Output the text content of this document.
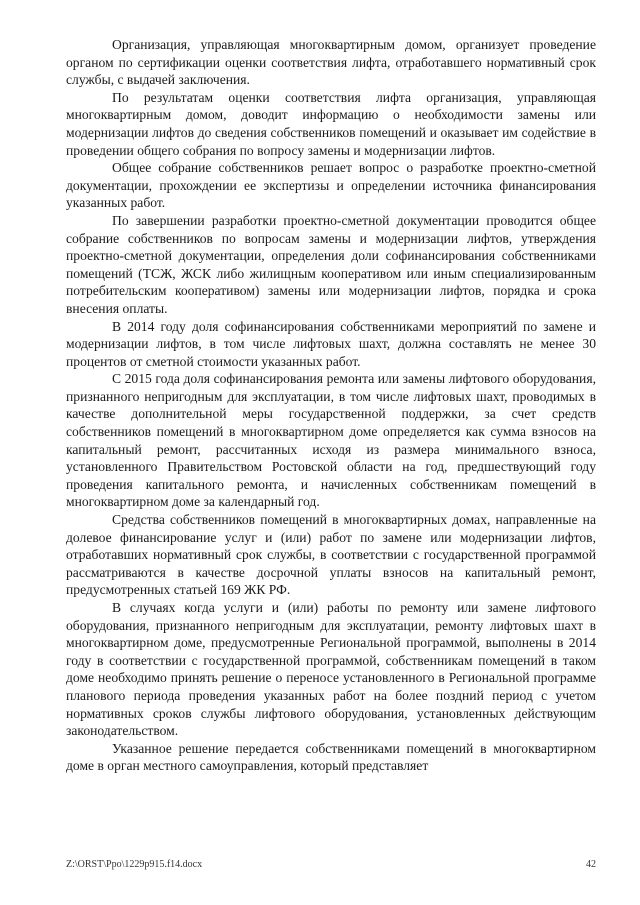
Организация, управляющая многоквартирным домом, организует проведение органом по сертификации оценки соответствия лифта, отработавшего нормативный срок службы, с выдачей заключения.

По результатам оценки соответствия лифта организация, управляющая многоквартирным домом, доводит информацию о необходимости замены или модернизации лифтов до сведения собственников помещений и оказывает им содействие в проведении общего собрания по вопросу замены и модернизации лифтов.

Общее собрание собственников решает вопрос о разработке проектно-сметной документации, прохождении ее экспертизы и определении источника финансирования указанных работ.

По завершении разработки проектно-сметной документации проводится общее собрание собственников по вопросам замены и модернизации лифтов, утверждения проектно-сметной документации, определения доли софинансирования собственниками помещений (ТСЖ, ЖСК либо жилищным кооперативом или иным специализированным потребительским кооперативом) замены или модернизации лифтов, порядка и срока внесения оплаты.

В 2014 году доля софинансирования собственниками мероприятий по замене и модернизации лифтов, в том числе лифтовых шахт, должна составлять не менее 30 процентов от сметной стоимости указанных работ.

С 2015 года доля софинансирования ремонта или замены лифтового оборудования, признанного непригодным для эксплуатации, в том числе лифтовых шахт, проводимых в качестве дополнительной меры государственной поддержки, за счет средств собственников помещений в многоквартирном доме определяется как сумма взносов на капитальный ремонт, рассчитанных исходя из размера минимального взноса, установленного Правительством Ростовской области на год, предшествующий году проведения капитального ремонта, и начисленных собственникам помещений в многоквартирном доме за календарный год.

Средства собственников помещений в многоквартирных домах, направленные на долевое финансирование услуг и (или) работ по замене или модернизации лифтов, отработавших нормативный срок службы, в соответствии с государственной программой рассматриваются в качестве досрочной уплаты взносов на капитальный ремонт, предусмотренных статьей 169 ЖК РФ.

В случаях когда услуги и (или) работы по ремонту или замене лифтового оборудования, признанного непригодным для эксплуатации, ремонту лифтовых шахт в многоквартирном доме, предусмотренные Региональной программой, выполнены в 2014 году в соответствии с государственной программой, собственникам помещений в таком доме необходимо принять решение о переносе установленного в Региональной программе планового периода проведения указанных работ на более поздний период с учетом нормативных сроков службы лифтового оборудования, установленных действующим законодательством.

Указанное решение передается собственниками помещений в многоквартирном доме в орган местного самоуправления, который представляет

Z:\ORST\Ppo\1229p915.f14.docx	42
